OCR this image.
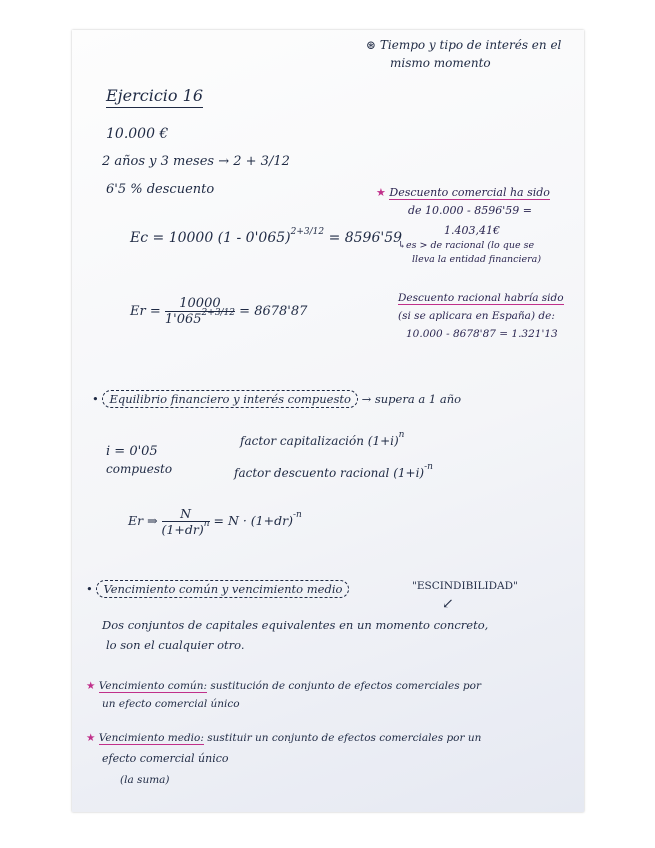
⊛ Tiempo y tipo de interés en el
mismo momento
Ejercicio 16
10.000 €
2 años y 3 meses → 2 + 3/12
6'5 % descuento
Ec = 10000 (1 - 0'065)$^{2+3/12}$ = 8596'59
★ Descuento comercial ha sido
de 10.000 - 8596'59 =
1.403,41€
↳es > de racional (lo que se
lleva la entidad financiera)
$Er = \frac{10000}{1'065^{2+3/12}} = 8678'87$
Descuento racional habría sido
(si se aplicara en España) de:
10.000 - 8678'87 = 1.321'13
• Equilibrio financiero y interés compuesto → supera a 1 año
i = 0'05
compuesto
factor capitalización $(1+i)^n$
factor descuento racional $(1+i)^{-n}$
Er ⇒ $\frac{N}{(1+dr)^n} = N \cdot (1+dr)^{-n}$
• Vencimiento común y vencimiento medio	"ESCINDIBILIDAD"
↙
Dos conjuntos de capitales equivalentes en un momento concreto,
lo son el cualquier otro.
★ Vencimiento común: sustitución de conjunto de efectos comerciales por
un efecto comercial único
★ Vencimiento medio: sustituir un conjunto de efectos comerciales por un
efecto comercial único
(la suma)
